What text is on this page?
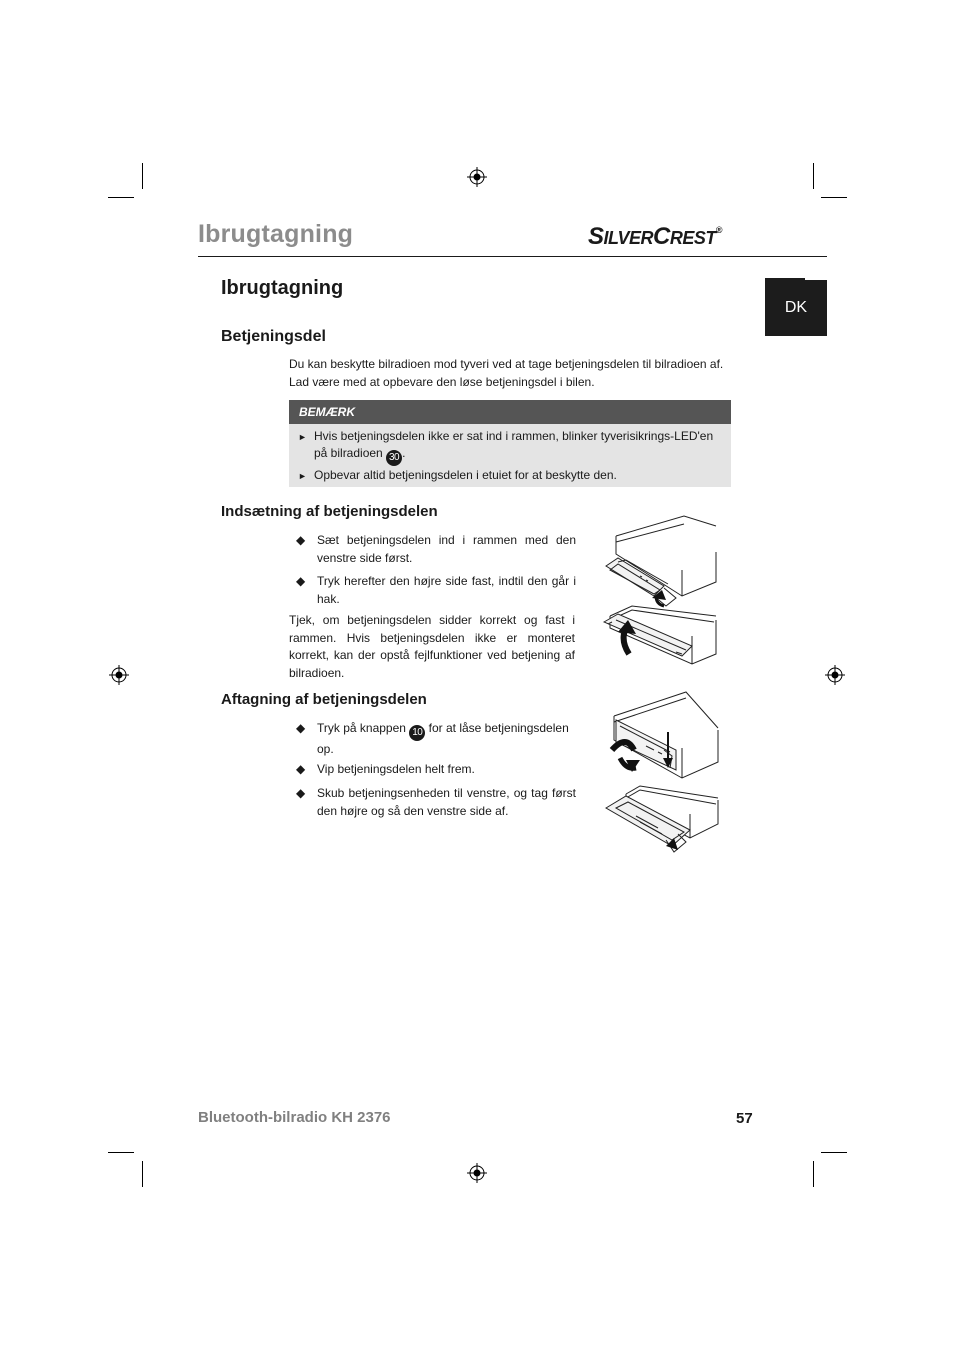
Ibrugtagning	SILVERCREST®
DK
Ibrugtagning
Betjeningsdel
Du kan beskytte bilradioen mod tyveri ved at tage betjeningsdelen til bilradioen af.
Lad være med at opbevare den løse betjeningsdel i bilen.
BEMÆRK
► Hvis betjeningsdelen ikke er sat ind i rammen, blinker tyverisikrings-LED'en på bilradioen 30 .
► Opbevar altid betjeningsdelen i etuiet for at beskytte den.
Indsætning af betjeningsdelen
◆ Sæt betjeningsdelen ind i rammen med den venstre side først.
◆ Tryk herefter den højre side fast, indtil den går i hak.
Tjek, om betjeningsdelen sidder korrekt og fast i rammen. Hvis betjeningsdelen ikke er monteret korrekt, kan der opstå fejlfunktioner ved betjening af bilradioen.
Aftagning af betjeningsdelen
◆ Tryk på knappen 10 for at låse betjeningsdelen op.
◆ Vip betjeningsdelen helt frem.
◆ Skub betjeningsenheden til venstre, og tag først den højre og så den venstre side af.
Bluetooth-bilradio KH 2376	57
